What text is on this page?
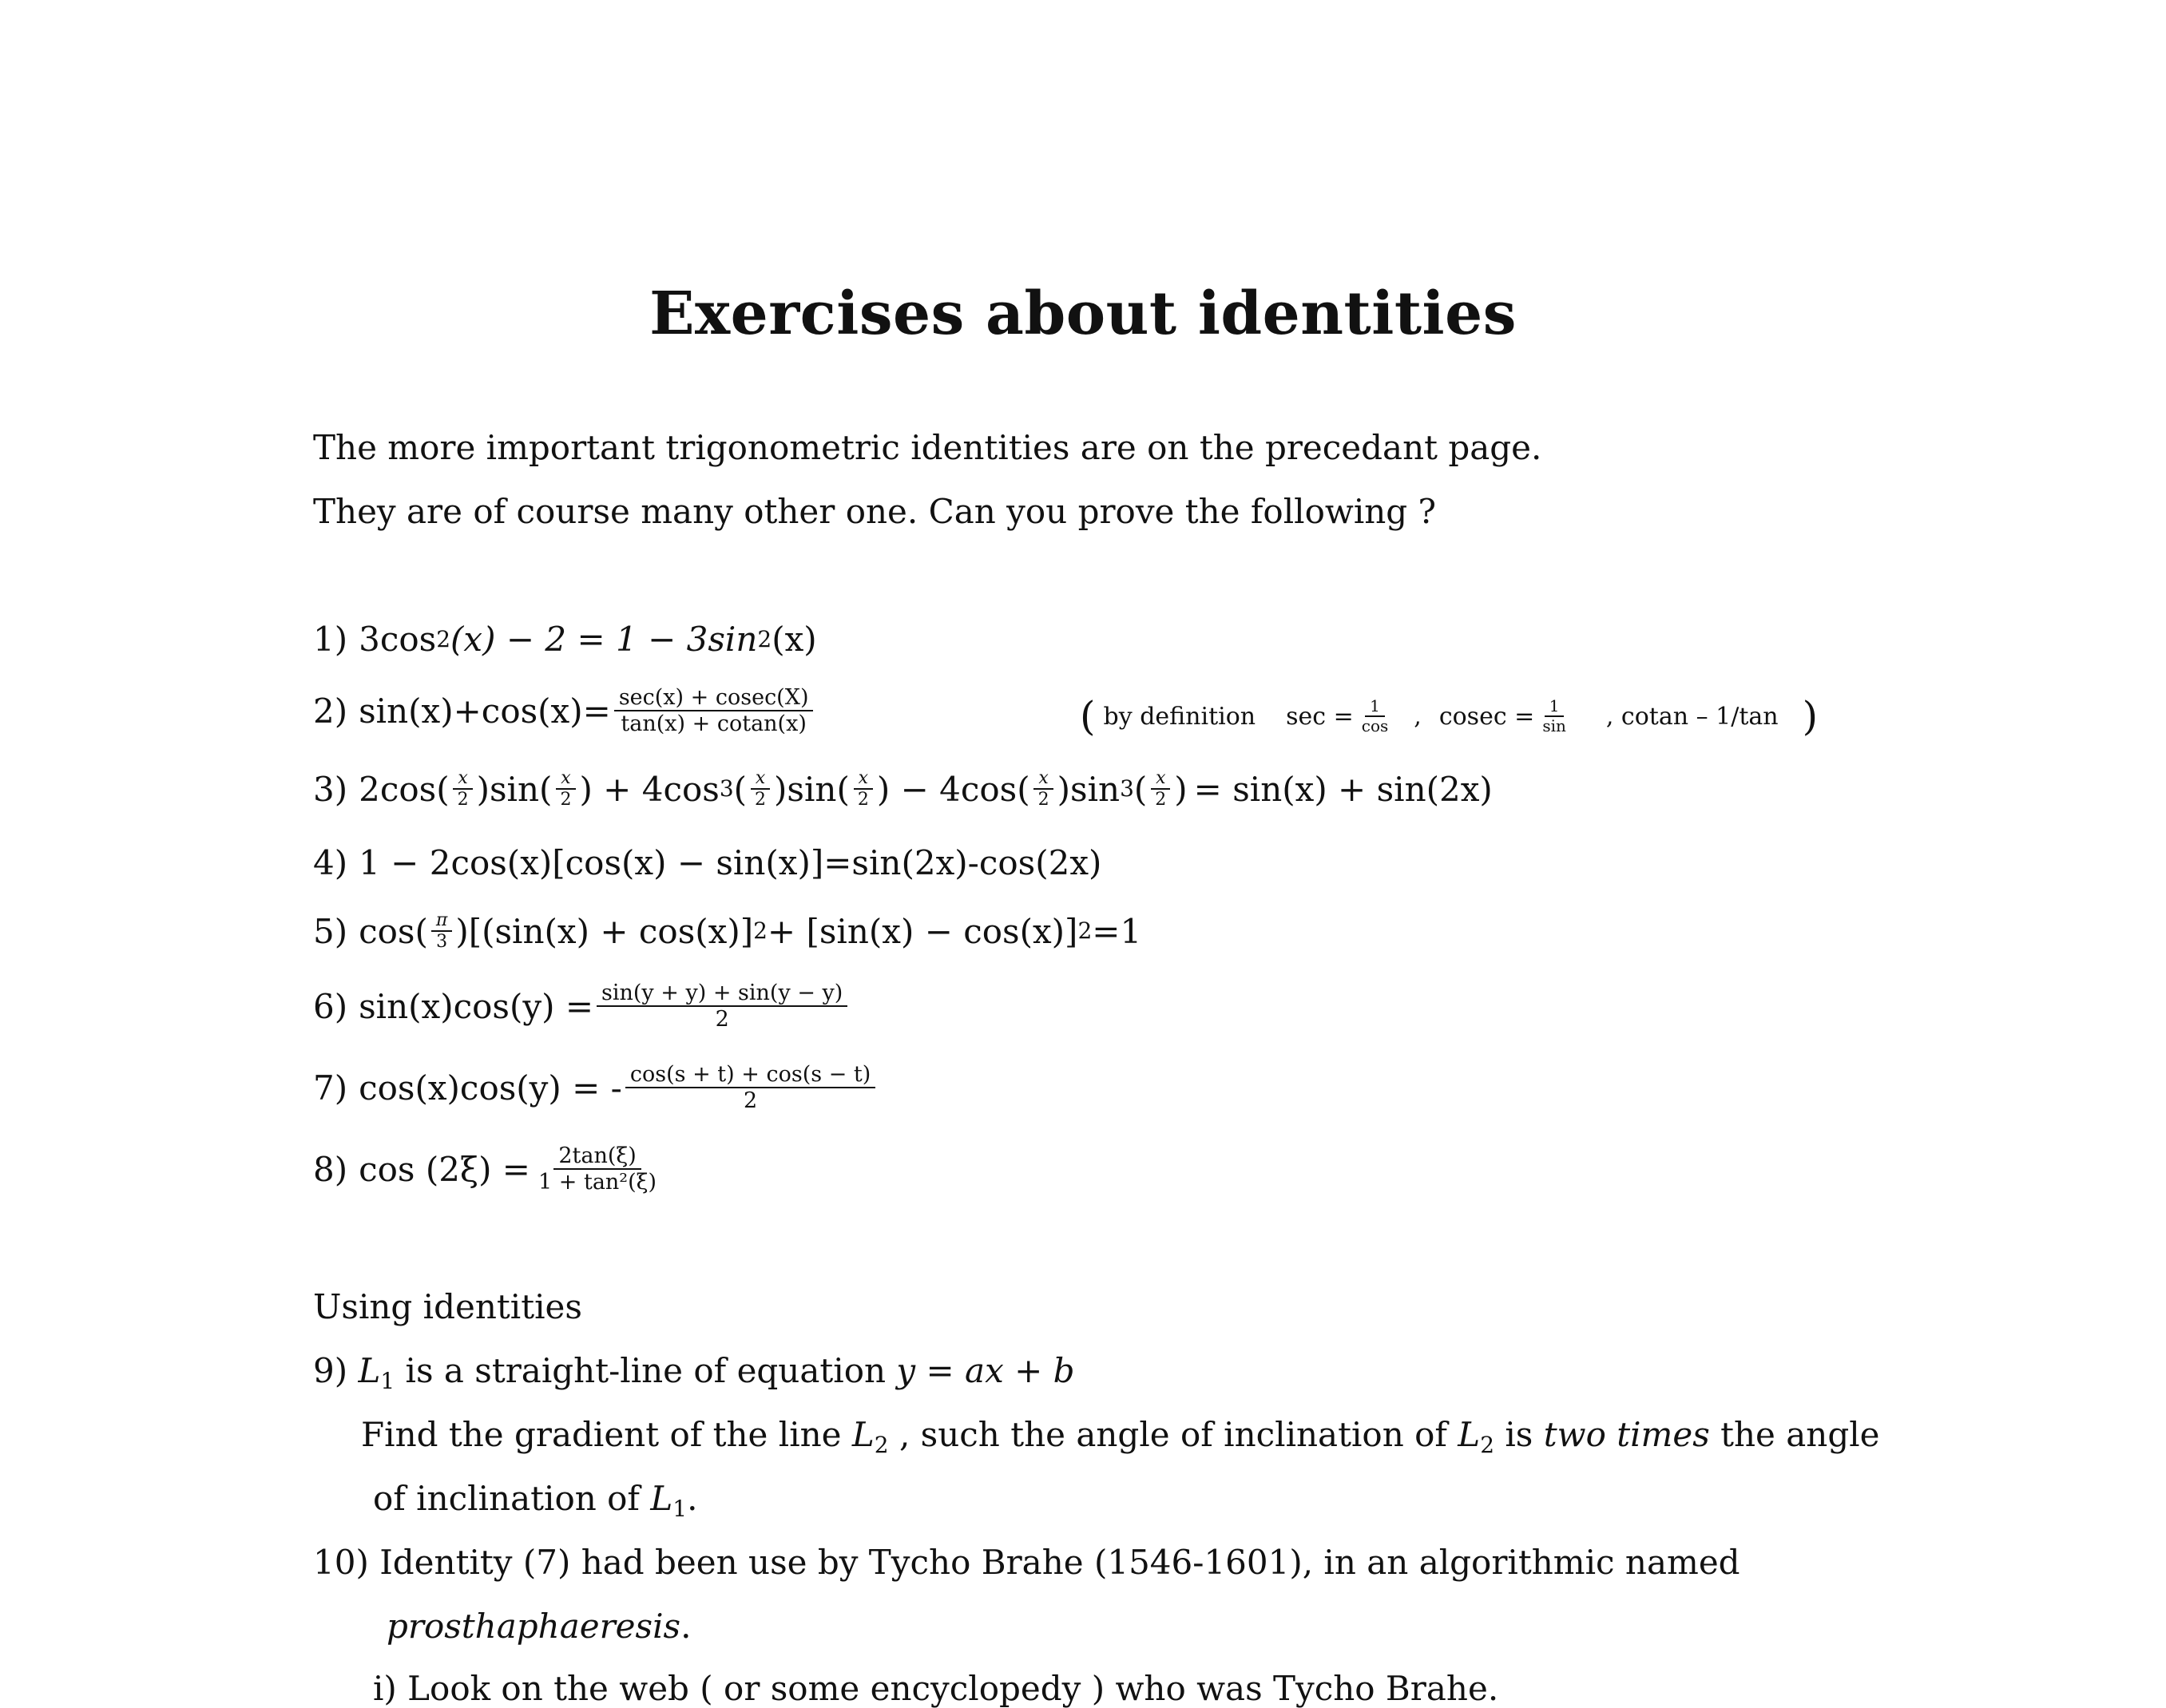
Exercises about identities
The more important trigonometric identities are on the precedant page.
They are of course many other one. Can you prove the following ?
1) 3cos 2 (x) − 2 = 1 − 3sin 2 (x)
2) $\sin(x)+\cos(x)= \frac{\sec(x) + cosec(X)}{\tan(x) + cotan(x)}$	( by definition $\sec = \frac{1}{\cos}$ , $cosec = \frac{1}{\sin}$ , cotan – 1/tan )
3) 2 cos ( $\frac{x}{2}$ ) sin ( $\frac{x}{2}$ ) + 4 cos 3 ( $\frac{x}{2}$ ) sin ( $\frac{x}{2}$ ) − 4 cos ( $\frac{x}{2}$ ) sin 3 ( $\frac{x}{2}$ ) = sin(x) + sin(2x)
4) 1 − 2cos(x)[cos(x) − sin(x)]=sin(2x)-cos(2x)
5) cos ( $\frac{\pi}{3} )[(\sin(x) + \cos(x)] 2 + [\sin(x) - \cos(x)]$ 2 =1
6) $\sin(x)\cos(y) = \frac{\sin(y + y) + \sin(y - y)}{2}$
7) cos(x)cos(y) = - $\frac{\cos(s + t) + \cos(s - t)}{2}$
8) $\cos (2\xi) = \frac{2\tan(\xi)}{\text{1 + tan²(ξ)}}$
Using identities
9) $L_1$ is a straight-line of equation y = ax + b
Find the gradient of the line $L_2$ , such the angle of inclination of $L_2$ is two times the angle
of inclination of $L_1$.
10) Identity (7) had been use by Tycho Brahe (1546-1601), in an algorithmic named
prosthaphaeresis.
i) Look on the web ( or some encyclopedy ) who was Tycho Brahe.
